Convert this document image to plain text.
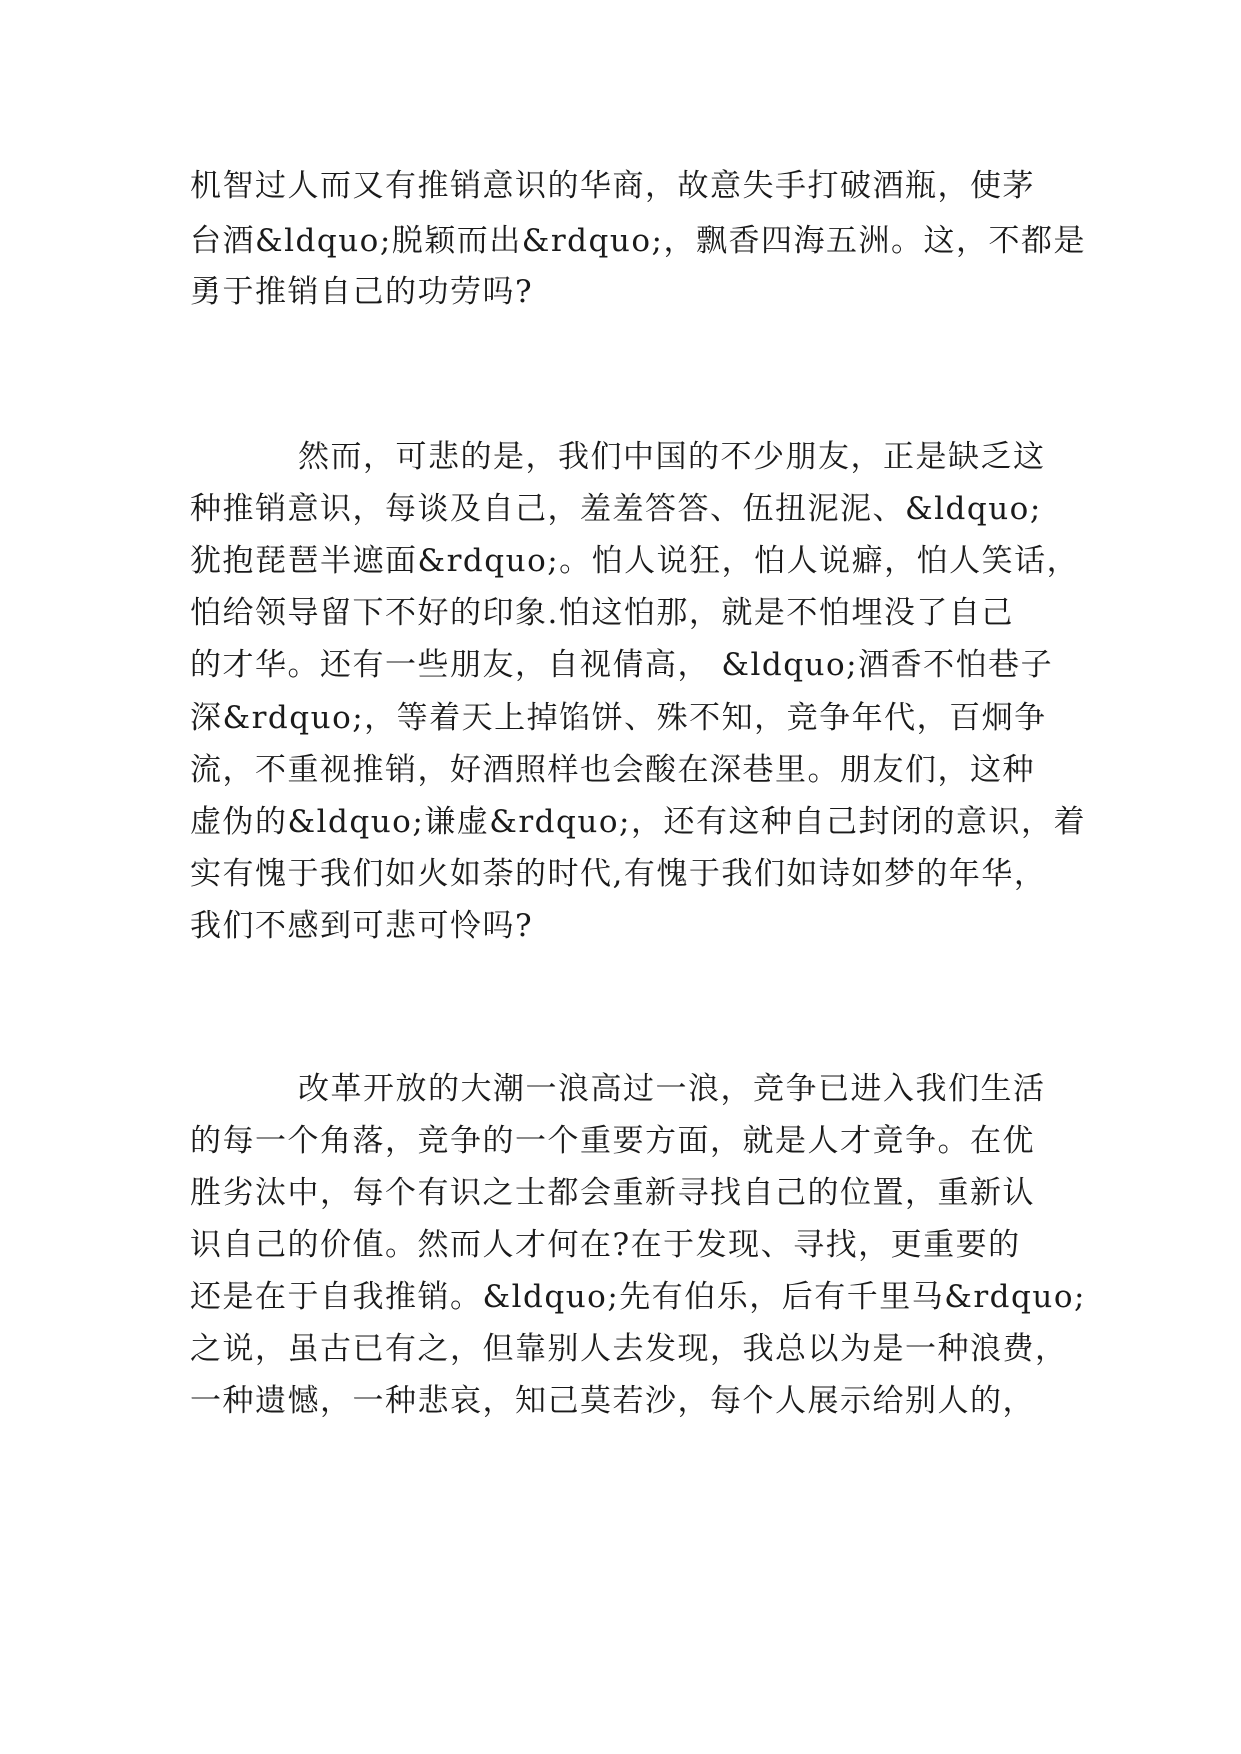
机智过人而又有推销意识的华商，故意失手打破酒瓶，使茅
台酒&ldquo;脱颖而出&rdquo;，飘香四海五洲。这，不都是
勇于推销自己的功劳吗?
然而，可悲的是，我们中国的不少朋友，正是缺乏这
种推销意识，每谈及自己，羞羞答答、伍扭泥泥、&ldquo;
犹抱琵琶半遮面&rdquo;。怕人说狂，怕人说癖，怕人笑话，
怕给领导留下不好的印象.怕这怕那，就是不怕埋没了自己
的才华。还有一些朋友，自视倩高， &ldquo;酒香不怕巷子
深&rdquo;，等着天上掉馅饼、殊不知，竞争年代，百炯争
流，不重视推销，好酒照样也会酸在深巷里。朋友们，这种
虚伪的&ldquo;谦虚&rdquo;，还有这种自己封闭的意识，着
实有愧于我们如火如荼的时代,有愧于我们如诗如梦的年华，
我们不感到可悲可怜吗?
改革开放的大潮一浪高过一浪，竞争已进入我们生活
的每一个角落，竞争的一个重要方面，就是人才竟争。在优
胜劣汰中，每个有识之士都会重新寻找自己的位置，重新认
识自己的价值。然而人才何在?在于发现、寻找，更重要的
还是在于自我推销。&ldquo;先有伯乐，后有千里马&rdquo;
之说，虽古已有之，但靠别人去发现，我总以为是一种浪费，
一种遗憾，一种悲哀，知己莫若沙，每个人展示给别人的，
